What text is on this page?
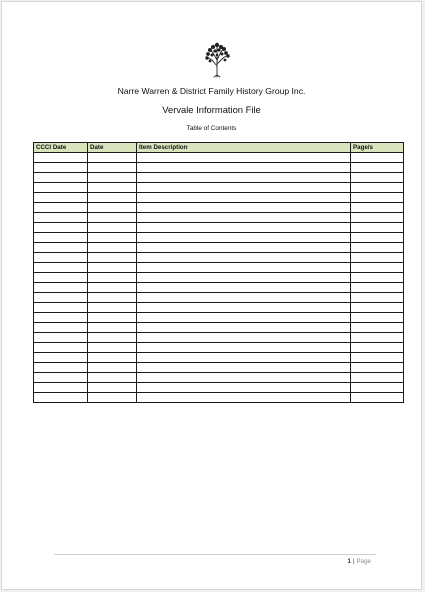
Narre Warren & District Family History Group Inc.
Vervale Information File
Table of Contents
CCCI Date	Date	Item Description	Page/s

1 | Page
